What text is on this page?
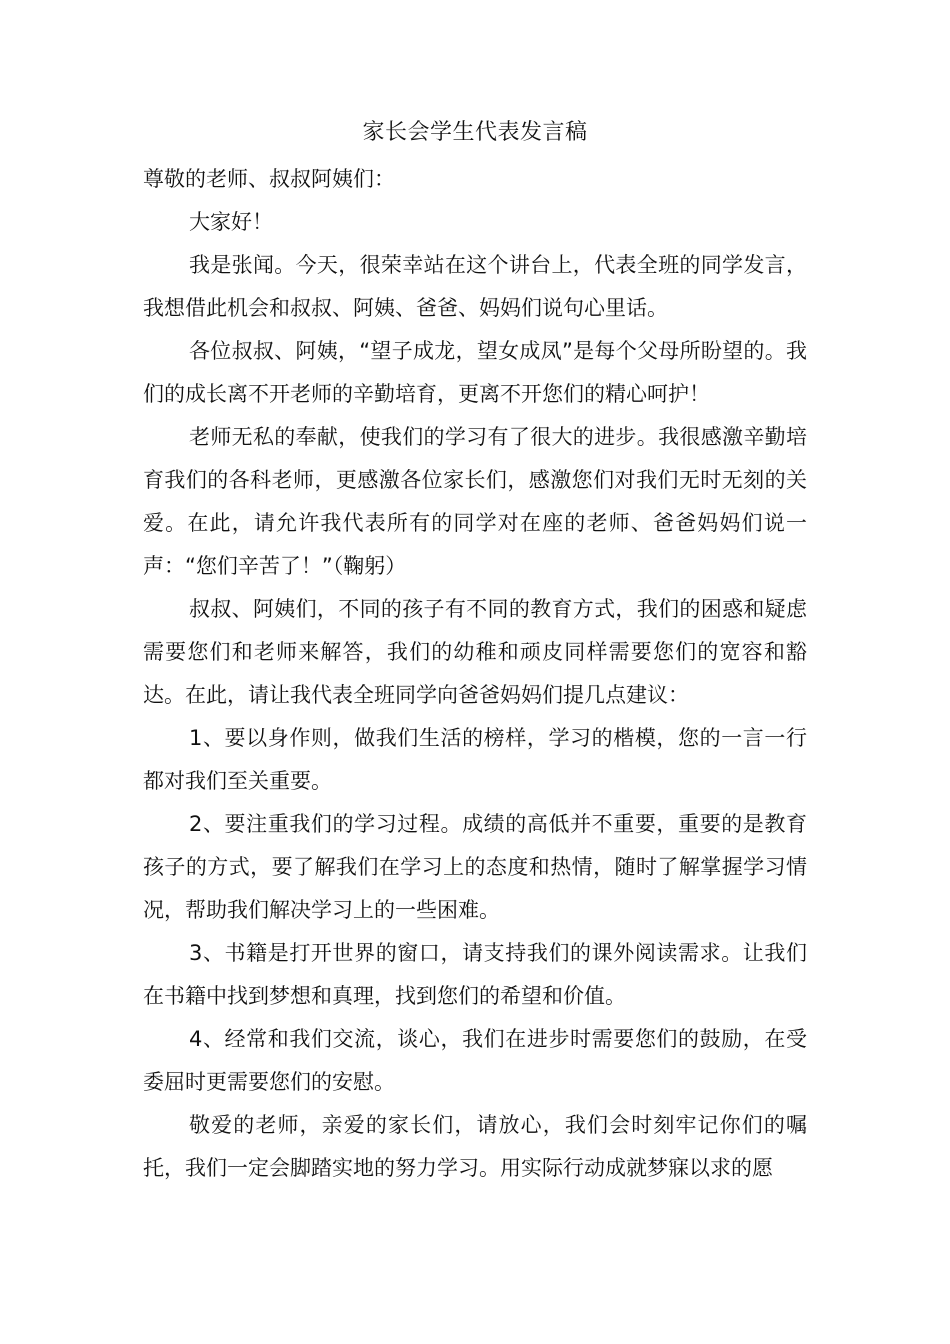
家长会学生代表发言稿

尊敬的老师、叔叔阿姨们：

大家好！

我是张闻。今天，很荣幸站在这个讲台上，代表全班的同学发言，我想借此机会和叔叔、阿姨、爸爸、妈妈们说句心里话。

各位叔叔、阿姨，“望子成龙，望女成凤”是每个父母所盼望的。我们的成长离不开老师的辛勤培育，更离不开您们的精心呵护！

老师无私的奉献，使我们的学习有了很大的进步。我很感激辛勤培育我们的各科老师，更感激各位家长们，感激您们对我们无时无刻的关爱。在此，请允许我代表所有的同学对在座的老师、爸爸妈妈们说一声：“您们辛苦了！”（鞠躬）

叔叔、阿姨们，不同的孩子有不同的教育方式，我们的困惑和疑虑需要您们和老师来解答，我们的幼稚和顽皮同样需要您们的宽容和豁达。在此，请让我代表全班同学向爸爸妈妈们提几点建议：

1、要以身作则，做我们生活的榜样，学习的楷模，您的一言一行都对我们至关重要。

2、要注重我们的学习过程。成绩的高低并不重要，重要的是教育孩子的方式，要了解我们在学习上的态度和热情，随时了解掌握学习情况，帮助我们解决学习上的一些困难。

3、书籍是打开世界的窗口，请支持我们的课外阅读需求。让我们在书籍中找到梦想和真理，找到您们的希望和价值。

4、经常和我们交流，谈心，我们在进步时需要您们的鼓励，在受委屈时更需要您们的安慰。

敬爱的老师，亲爱的家长们，请放心，我们会时刻牢记你们的嘱托，我们一定会脚踏实地的努力学习。用实际行动成就梦寐以求的愿
